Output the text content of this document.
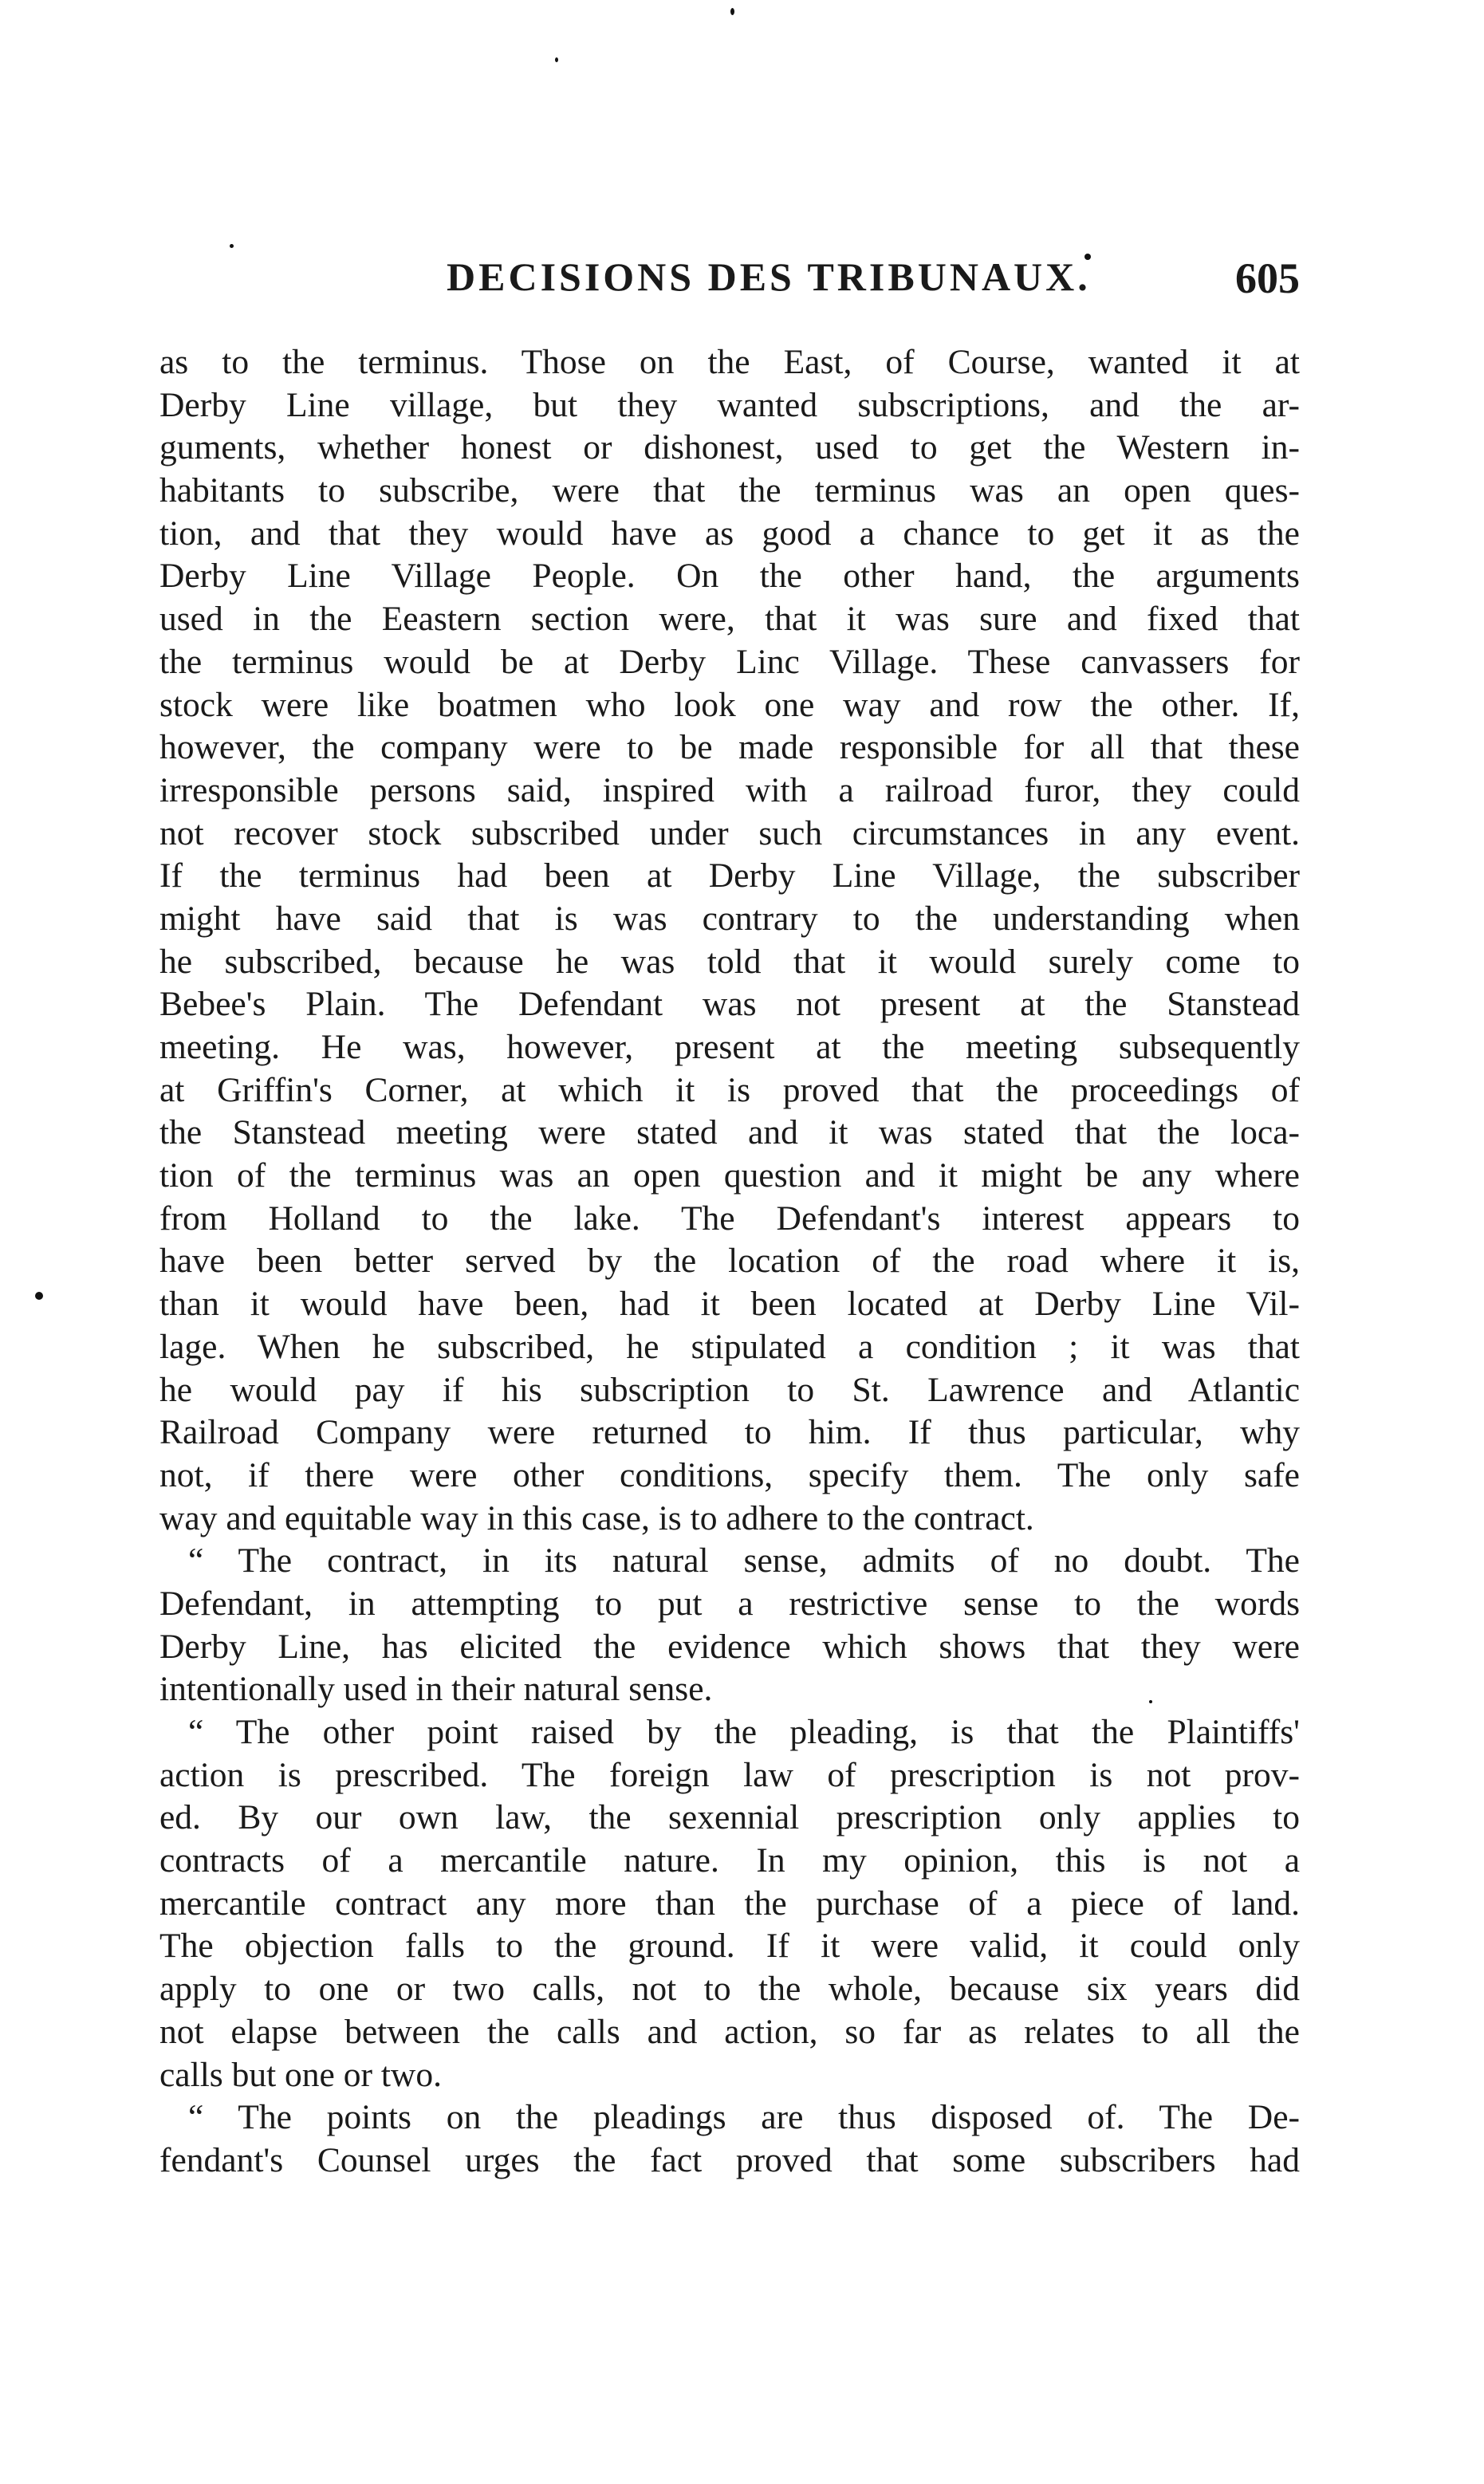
DECISIONS DES TRIBUNAUX.	605
as to the terminus. Those on the East, of Course, wanted it at
Derby Line village, but they wanted subscriptions, and the ar-
guments, whether honest or dishonest, used to get the Western in-
habitants to subscribe, were that the terminus was an open ques-
tion, and that they would have as good a chance to get it as the
Derby Line Village People. On the other hand, the arguments
used in the Eeastern section were, that it was sure and fixed that
the terminus would be at Derby Linc Village. These canvassers for
stock were like boatmen who look one way and row the other. If,
however, the company were to be made responsible for all that these
irresponsible persons said, inspired with a railroad furor, they could
not recover stock subscribed under such circumstances in any event.
If the terminus had been at Derby Line Village, the subscriber
might have said that is was contrary to the understanding when
he subscribed, because he was told that it would surely come to
Bebee's Plain. The Defendant was not present at the Stanstead
meeting. He was, however, present at the meeting subsequently
at Griffin's Corner, at which it is proved that the proceedings of
the Stanstead meeting were stated and it was stated that the loca-
tion of the terminus was an open question and it might be any where
from Holland to the lake. The Defendant's interest appears to
have been better served by the location of the road where it is,
than it would have been, had it been located at Derby Line Vil-
lage. When he subscribed, he stipulated a condition ; it was that
he would pay if his subscription to St. Lawrence and Atlantic
Railroad Company were returned to him. If thus particular, why
not, if there were other conditions, specify them. The only safe
way and equitable way in this case, is to adhere to the contract.
“ The contract, in its natural sense, admits of no doubt. The
Defendant, in attempting to put a restrictive sense to the words
Derby Line, has elicited the evidence which shows that they were
intentionally used in their natural sense.
“ The other point raised by the pleading, is that the Plaintiffs'
action is prescribed. The foreign law of prescription is not prov-
ed. By our own law, the sexennial prescription only applies to
contracts of a mercantile nature. In my opinion, this is not a
mercantile contract any more than the purchase of a piece of land.
The objection falls to the ground. If it were valid, it could only
apply to one or two calls, not to the whole, because six years did
not elapse between the calls and action, so far as relates to all the
calls but one or two.
“ The points on the pleadings are thus disposed of. The De-
fendant's Counsel urges the fact proved that some subscribers had
